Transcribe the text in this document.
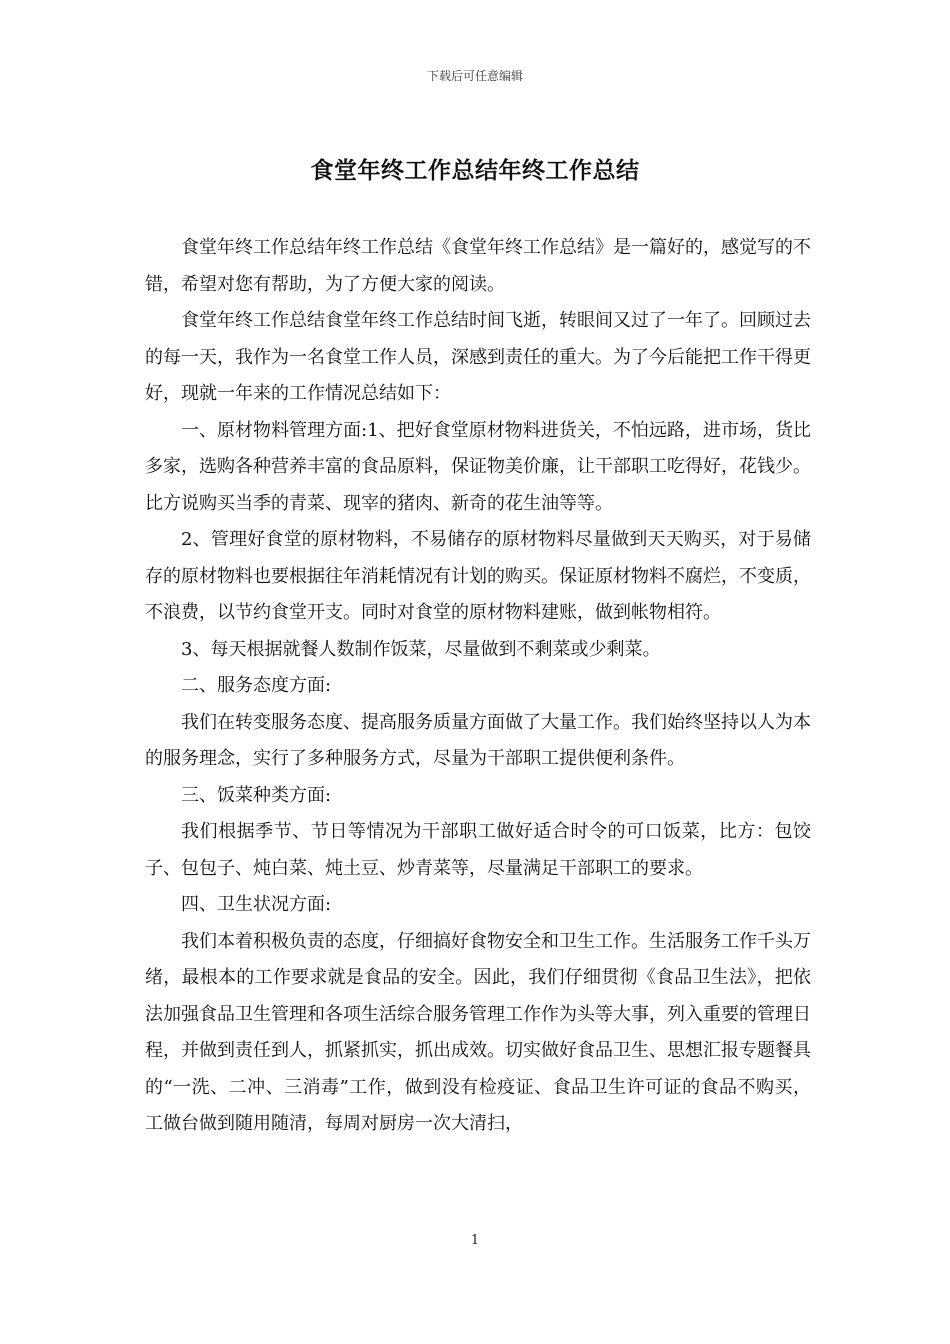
下载后可任意编辑
食堂年终工作总结年终工作总结

食堂年终工作总结年终工作总结《食堂年终工作总结》是一篇好的，感觉写的不错，希望对您有帮助，为了方便大家的阅读。

食堂年终工作总结食堂年终工作总结时间飞逝，转眼间又过了一年了。回顾过去的每一天，我作为一名食堂工作人员，深感到责任的重大。为了今后能把工作干得更好，现就一年来的工作情况总结如下：

一、原材物料管理方面:1、把好食堂原材物料进货关，不怕远路，进市场，货比多家，选购各种营养丰富的食品原料，保证物美价廉，让干部职工吃得好，花钱少。比方说购买当季的青菜、现宰的猪肉、新奇的花生油等等。

2、管理好食堂的原材物料，不易储存的原材物料尽量做到天天购买，对于易储存的原材物料也要根据往年消耗情况有计划的购买。保证原材物料不腐烂，不变质，不浪费，以节约食堂开支。同时对食堂的原材物料建账，做到帐物相符。

3、每天根据就餐人数制作饭菜，尽量做到不剩菜或少剩菜。

二、服务态度方面:

我们在转变服务态度、提高服务质量方面做了大量工作。我们始终坚持以人为本的服务理念，实行了多种服务方式，尽量为干部职工提供便利条件。

三、饭菜种类方面:

我们根据季节、节日等情况为干部职工做好适合时令的可口饭菜，比方：包饺子、包包子、炖白菜、炖土豆、炒青菜等，尽量满足干部职工的要求。

四、卫生状况方面:

我们本着积极负责的态度，仔细搞好食物安全和卫生工作。生活服务工作千头万绪，最根本的工作要求就是食品的安全。因此，我们仔细贯彻《食品卫生法》，把依法加强食品卫生管理和各项生活综合服务管理工作作为头等大事，列入重要的管理日程，并做到责任到人，抓紧抓实，抓出成效。切实做好食品卫生、思想汇报专题餐具的“一洗、二冲、三消毒”工作，做到没有检疫证、食品卫生许可证的食品不购买，工做台做到随用随清，每周对厨房一次大清扫，

1
